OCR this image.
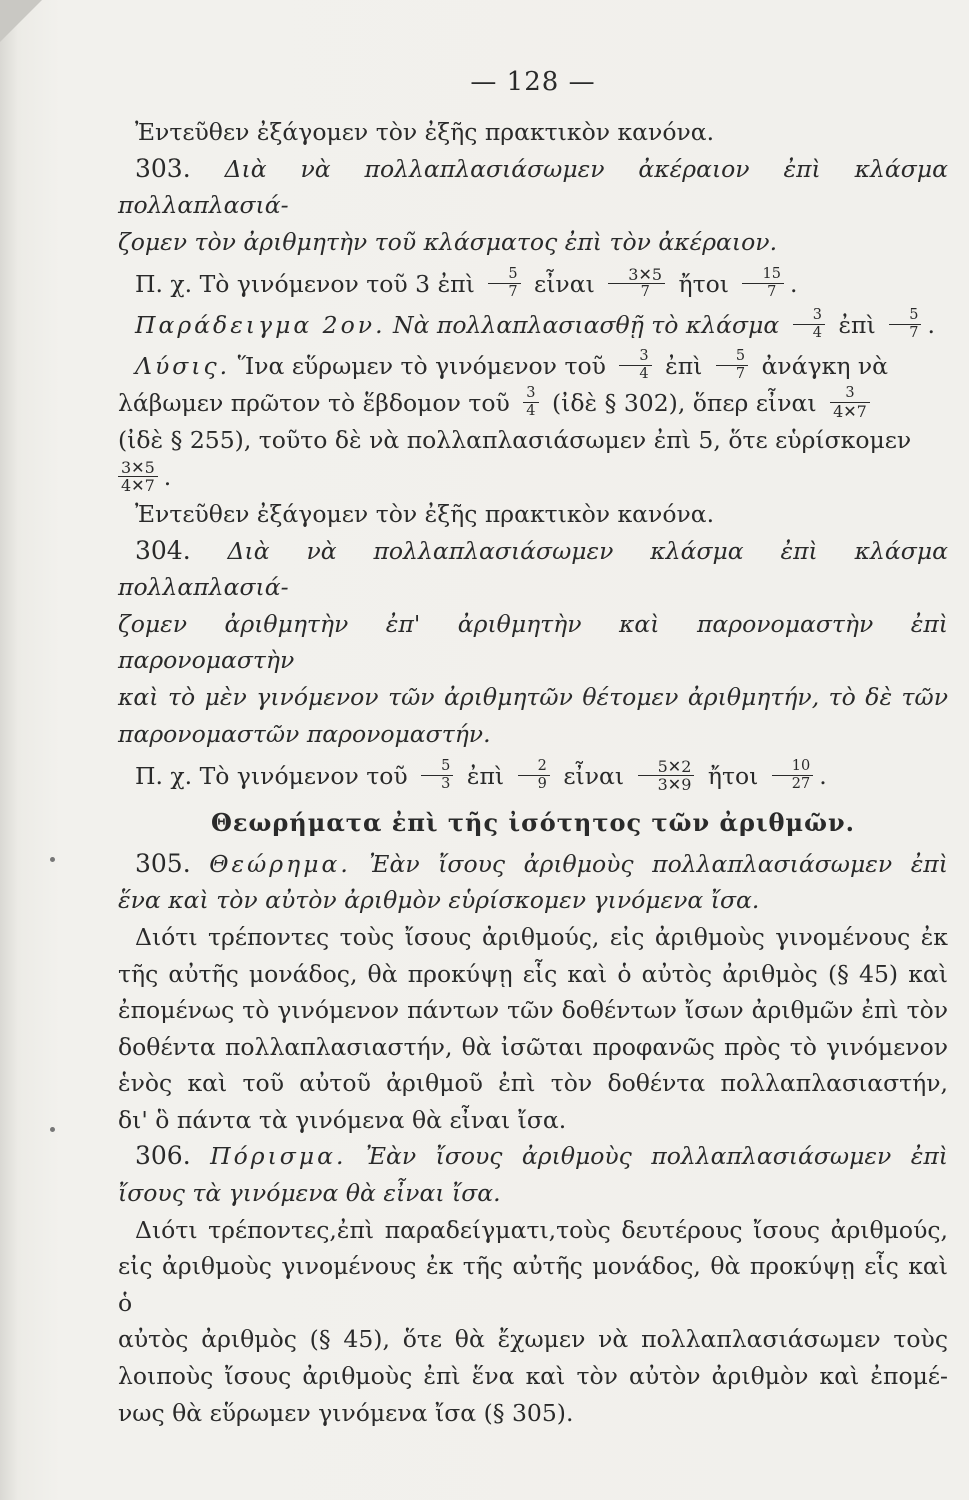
— 128 —

Ἐντεῦθεν ἐξάγομεν τὸν ἐξῆς πρακτικὸν κανόνα.

303. Διὰ νὰ πολλαπλασιάσωμεν ἀκέραιον ἐπὶ κλάσμα πολλαπλασιά-

ζομεν τὸν ἀριθμητὴν τοῦ κλάσματος ἐπὶ τὸν ἀκέραιον.

Π. χ. Τὸ γινόμενον τοῦ 3 ἐπὶ $\frac{5}{7}$ εἶναι $\frac{3✕5}{7}$ ἤτοι $\frac{15}{7}$ .

Παράδειγμα 2ον. Νὰ πολλαπλασιασθῇ τὸ κλάσμα $\frac{3}{4}$ ἐπὶ $\frac{5}{7}$ .

Λύσις. Ἵνα εὕρωμεν τὸ γινόμενον τοῦ $\frac{3}{4}$ ἐπὶ $\frac{5}{7}$ ἀνάγκη νὰ

λάβωμεν πρῶτον τὸ ἕβδομον τοῦ $\frac{3}{4}$ (ἰδὲ § 302), ὅπερ εἶναι $\frac{3}{4✕7}$

(ἰδὲ § 255), τοῦτο δὲ νὰ πολλαπλασιάσωμεν ἐπὶ 5, ὅτε εὑρίσκομεν

$\frac{3✕5}{4✕7}$ .

Ἐντεῦθεν ἐξάγομεν τὸν ἐξῆς πρακτικὸν κανόνα.

304. Διὰ νὰ πολλαπλασιάσωμεν κλάσμα ἐπὶ κλάσμα πολλαπλασιά-

ζομεν ἀριθμητὴν ἐπ' ἀριθμητὴν καὶ παρονομαστὴν ἐπὶ παρονομαστὴν

καὶ τὸ μὲν γινόμενον τῶν ἀριθμητῶν θέτομεν ἀριθμητήν, τὸ δὲ τῶν

παρονομαστῶν παρονομαστήν.

Π. χ. Τὸ γινόμενον τοῦ $\frac{5}{3}$ ἐπὶ $\frac{2}{9}$ εἶναι $\frac{5✕2}{3✕9}$ ἤτοι $\frac{10}{27}$ .

Θεωρήματα ἐπὶ τῆς ἰσότητος τῶν ἀριθμῶν.

305. Θεώρημα. Ἐὰν ἴσους ἀριθμοὺς πολλαπλασιάσωμεν ἐπὶ

ἕνα καὶ τὸν αὐτὸν ἀριθμὸν εὑρίσκομεν γινόμενα ἴσα.

Διότι τρέποντες τοὺς ἴσους ἀριθμούς, εἰς ἀριθμοὺς γινομένους ἐκ

τῆς αὐτῆς μονάδος, θὰ προκύψῃ εἷς καὶ ὁ αὐτὸς ἀριθμὸς (§ 45) καὶ

ἐπομένως τὸ γινόμενον πάντων τῶν δοθέντων ἴσων ἀριθμῶν ἐπὶ τὸν

δοθέντα πολλαπλασιαστήν, θὰ ἰσῶται προφανῶς πρὸς τὸ γινόμενον

ἑνὸς καὶ τοῦ αὐτοῦ ἀριθμοῦ ἐπὶ τὸν δοθέντα πολλαπλασιαστήν,

δι' ὃ πάντα τὰ γινόμενα θὰ εἶναι ἴσα.

306. Πόρισμα. Ἐὰν ἴσους ἀριθμοὺς πολλαπλασιάσωμεν ἐπὶ

ἴσους τὰ γινόμενα θὰ εἶναι ἴσα.

Διότι τρέποντες,ἐπὶ παραδείγματι,τοὺς δευτέρους ἴσους ἀριθμούς,

εἰς ἀριθμοὺς γινομένους ἐκ τῆς αὐτῆς μονάδος, θὰ προκύψῃ εἷς καὶ ὁ

αὐτὸς ἀριθμὸς (§ 45), ὅτε θὰ ἔχωμεν νὰ πολλαπλασιάσωμεν τοὺς

λοιποὺς ἴσους ἀριθμοὺς ἐπὶ ἕνα καὶ τὸν αὐτὸν ἀριθμὸν καὶ ἐπομέ-

νως θὰ εὕρωμεν γινόμενα ἴσα (§ 305).
